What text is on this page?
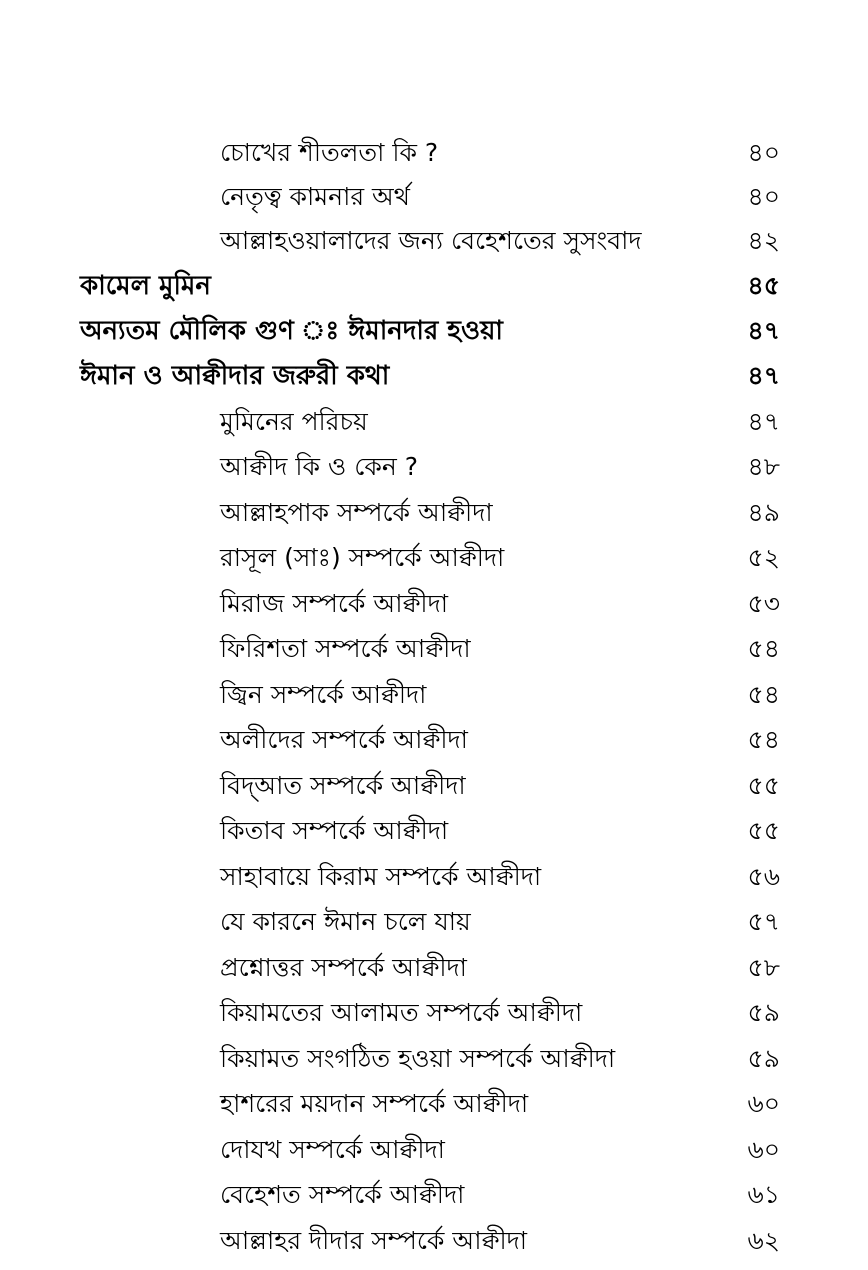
চোখের শীতলতা কি ?	৪০
নেতৃত্ব কামনার অর্থ	৪০
আল্লাহওয়ালাদের জন্য বেহেশতের সুসংবাদ	৪২
কামেল মুমিন	৪৫
অন্যতম মৌলিক গুণ ঃ ঈমানদার হওয়া	৪৭
ঈমান ও আক্বীদার জরুরী কথা	৪৭
মুমিনের পরিচয়	৪৭
আক্বীদ কি ও কেন ?	৪৮
আল্লাহপাক সম্পর্কে আক্বীদা	৪৯
রাসূল (সাঃ) সম্পর্কে আক্বীদা	৫২
মিরাজ সম্পর্কে আক্বীদা	৫৩
ফিরিশতা সম্পর্কে আক্বীদা	৫৪
জ্বিন সম্পর্কে আক্বীদা	৫৪
অলীদের সম্পর্কে আক্বীদা	৫৪
বিদ্‌আত সম্পর্কে আক্বীদা	৫৫
কিতাব সম্পর্কে আক্বীদা	৫৫
সাহাবায়ে কিরাম সম্পর্কে আক্বীদা	৫৬
যে কারনে ঈমান চলে যায়	৫৭
প্রশ্নোত্তর সম্পর্কে আক্বীদা	৫৮
কিয়ামতের আলামত সম্পর্কে আক্বীদা	৫৯
কিয়ামত সংগঠিত হওয়া সম্পর্কে আক্বীদা	৫৯
হাশরের ময়দান সম্পর্কে আক্বীদা	৬০
দোযখ সম্পর্কে আক্বীদা	৬০
বেহেশত সম্পর্কে আক্বীদা	৬১
আল্লাহর দীদার সম্পর্কে আক্বীদা	৬২
